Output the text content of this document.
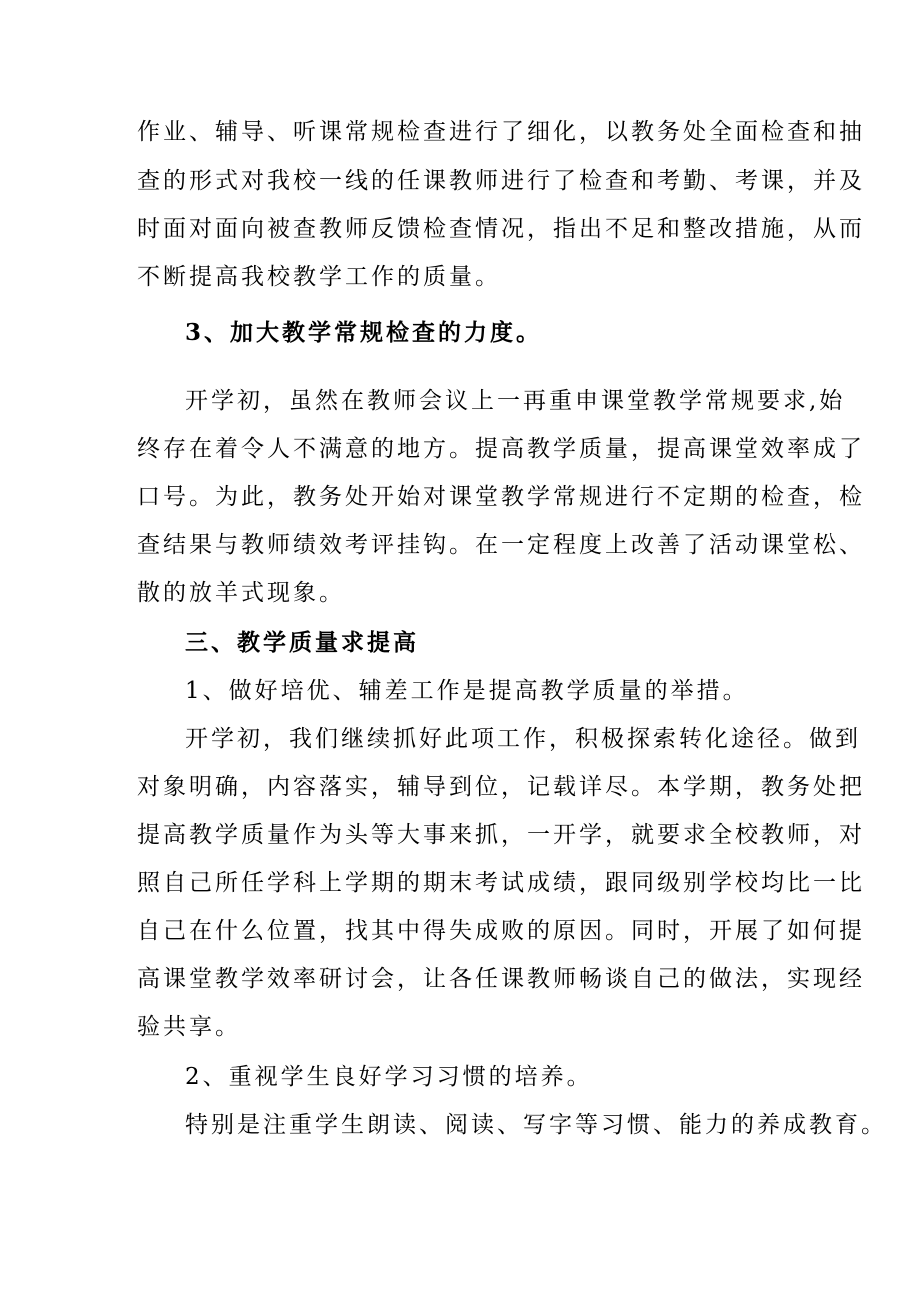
作业、辅导、听课常规检查进行了细化，以教务处全面检查和抽
查的形式对我校一线的任课教师进行了检查和考勤、考课，并及
时面对面向被查教师反馈检查情况，指出不足和整改措施，从而
不断提高我校教学工作的质量。
3、加大教学常规检查的力度。
开学初，虽然在教师会议上一再重申课堂教学常规要求,始
终存在着令人不满意的地方。提高教学质量，提高课堂效率成了
口号。为此，教务处开始对课堂教学常规进行不定期的检查，检
查结果与教师绩效考评挂钩。在一定程度上改善了活动课堂松、
散的放羊式现象。
三、教学质量求提高
1、做好培优、辅差工作是提高教学质量的举措。
开学初，我们继续抓好此项工作，积极探索转化途径。做到
对象明确，内容落实，辅导到位，记载详尽。本学期，教务处把
提高教学质量作为头等大事来抓，一开学，就要求全校教师，对
照自己所任学科上学期的期末考试成绩，跟同级别学校均比一比
自己在什么位置，找其中得失成败的原因。同时，开展了如何提
高课堂教学效率研讨会，让各任课教师畅谈自己的做法，实现经
验共享。
2、重视学生良好学习习惯的培养。
特别是注重学生朗读、阅读、写字等习惯、能力的养成教育。
